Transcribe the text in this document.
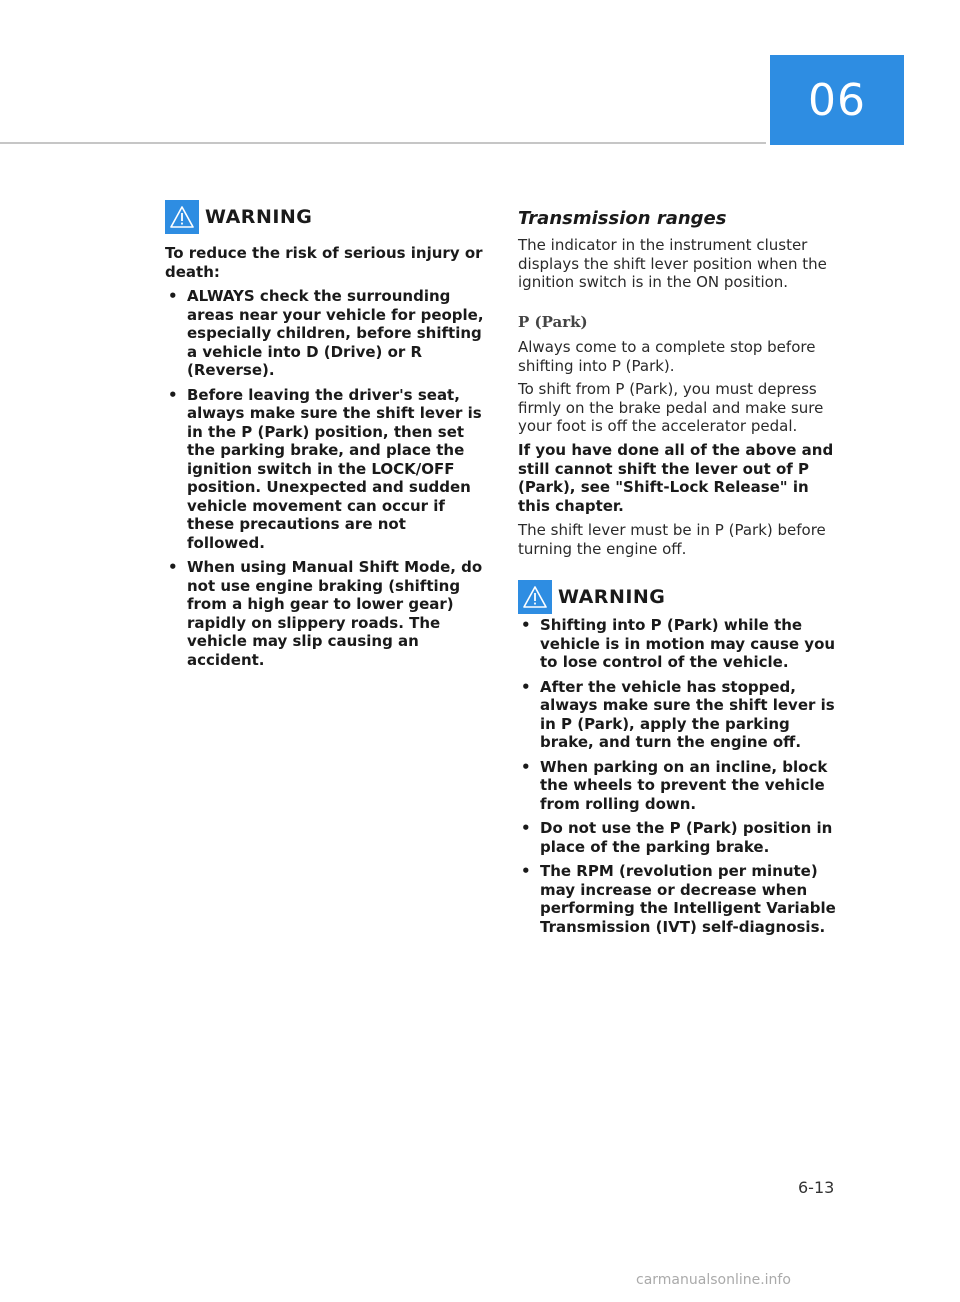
06
WARNING

To reduce the risk of serious injury or death:

• ALWAYS check the surrounding areas near your vehicle for people, especially children, before shifting a vehicle into D (Drive) or R (Reverse).
• Before leaving the driver's seat, always make sure the shift lever is in the P (Park) position, then set the parking brake, and place the ignition switch in the LOCK/OFF position. Unexpected and sudden vehicle movement can occur if these precautions are not followed.
• When using Manual Shift Mode, do not use engine braking (shifting from a high gear to lower gear) rapidly on slippery roads. The vehicle may slip causing an accident.
Transmission ranges

The indicator in the instrument cluster displays the shift lever position when the ignition switch is in the ON position.

P (Park)

Always come to a complete stop before shifting into P (Park).

To shift from P (Park), you must depress firmly on the brake pedal and make sure your foot is off the accelerator pedal.

If you have done all of the above and still cannot shift the lever out of P (Park), see "Shift-Lock Release" in this chapter.

The shift lever must be in P (Park) before turning the engine off.

WARNING
• Shifting into P (Park) while the vehicle is in motion may cause you to lose control of the vehicle.
• After the vehicle has stopped, always make sure the shift lever is in P (Park), apply the parking brake, and turn the engine off.
• When parking on an incline, block the wheels to prevent the vehicle from rolling down.
• Do not use the P (Park) position in place of the parking brake.
• The RPM (revolution per minute) may increase or decrease when performing the Intelligent Variable Transmission (IVT) self-diagnosis.
6-13
carmanualsonline.info
